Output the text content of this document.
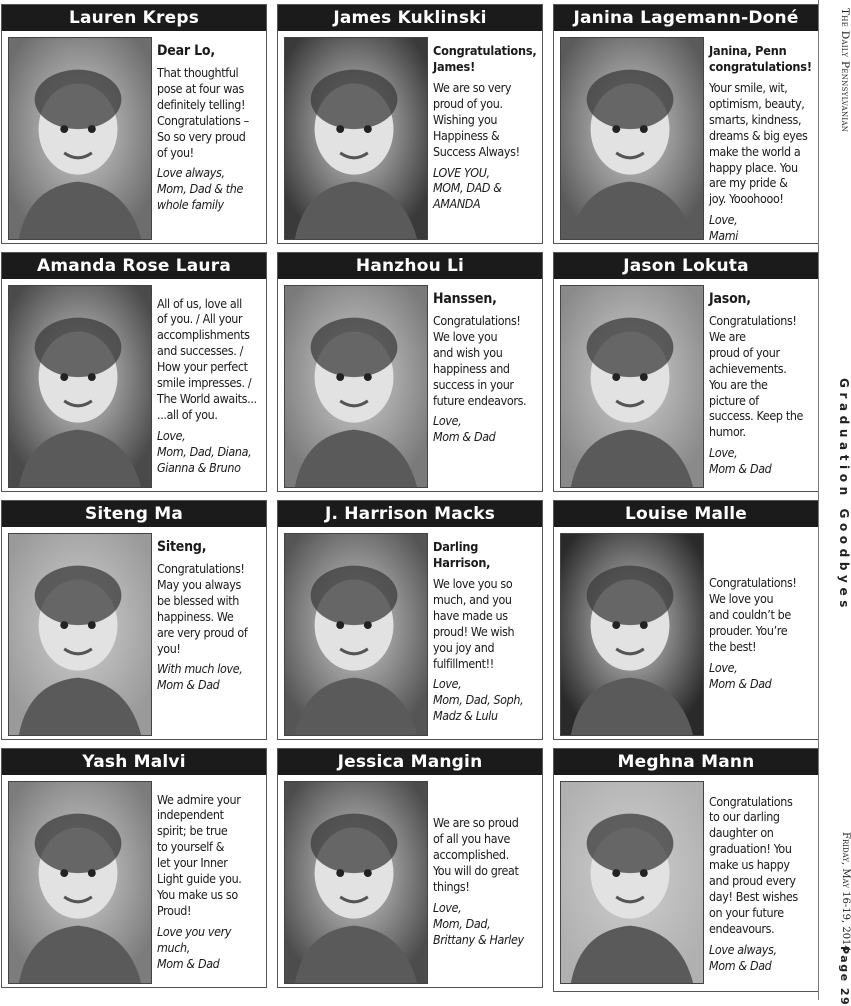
Lauren Kreps
Dear Lo,
That thoughtful
pose at four was
definitely telling!
Congratulations –
So so very proud
of you!
Love always,
Mom, Dad & the
whole family
James Kuklinski
Congratulations,
James!
We are so very
proud of you.
Wishing you
Happiness &
Success Always!
LOVE YOU,
MOM, DAD &
AMANDA
Janina Lagemann-Doné
Janina, Penn
congratulations!
Your smile, wit,
optimism, beauty,
smarts, kindness,
dreams & big eyes
make the world a
happy place. You
are my pride &
joy. Yooohooo!
Love,
Mami
Amanda Rose Laura
All of us, love all
of you. / All your
accomplishments
and successes. /
How your perfect
smile impresses. /
The World awaits...
...all of you.
Love,
Mom, Dad, Diana,
Gianna & Bruno
Hanzhou Li
Hanssen,
Congratulations!
We love you
and wish you
happiness and
success in your
future endeavors.
Love,
Mom & Dad
Jason Lokuta
Jason,
Congratulations!
We are
proud of your
achievements.
You are the
picture of
success. Keep the
humor.
Love,
Mom & Dad
Siteng Ma
Siteng,
Congratulations!
May you always
be blessed with
happiness. We
are very proud of
you!
With much love,
Mom & Dad
J. Harrison Macks
Darling
Harrison,
We love you so
much, and you
have made us
proud! We wish
you joy and
fulfillment!!
Love,
Mom, Dad, Soph,
Madz & Lulu
Louise Malle
Congratulations!
We love you
and couldn’t be
prouder. You’re
the best!
Love,
Mom & Dad
Yash Malvi
We admire your
independent
spirit; be true
to yourself &
let your Inner
Light guide you.
You make us so
Proud!
Love you very
much,
Mom & Dad
Jessica Mangin
We are so proud
of all you have
accomplished.
You will do great
things!
Love,
Mom, Dad,
Brittany & Harley
Meghna Mann
Congratulations
to our darling
daughter on
graduation! You
make us happy
and proud every
day! Best wishes
on your future
endeavours.
Love always,
Mom & Dad
The Daily Pennsylvanian
Graduation Goodbyes
Friday, May 16-19, 2014
Page 29
